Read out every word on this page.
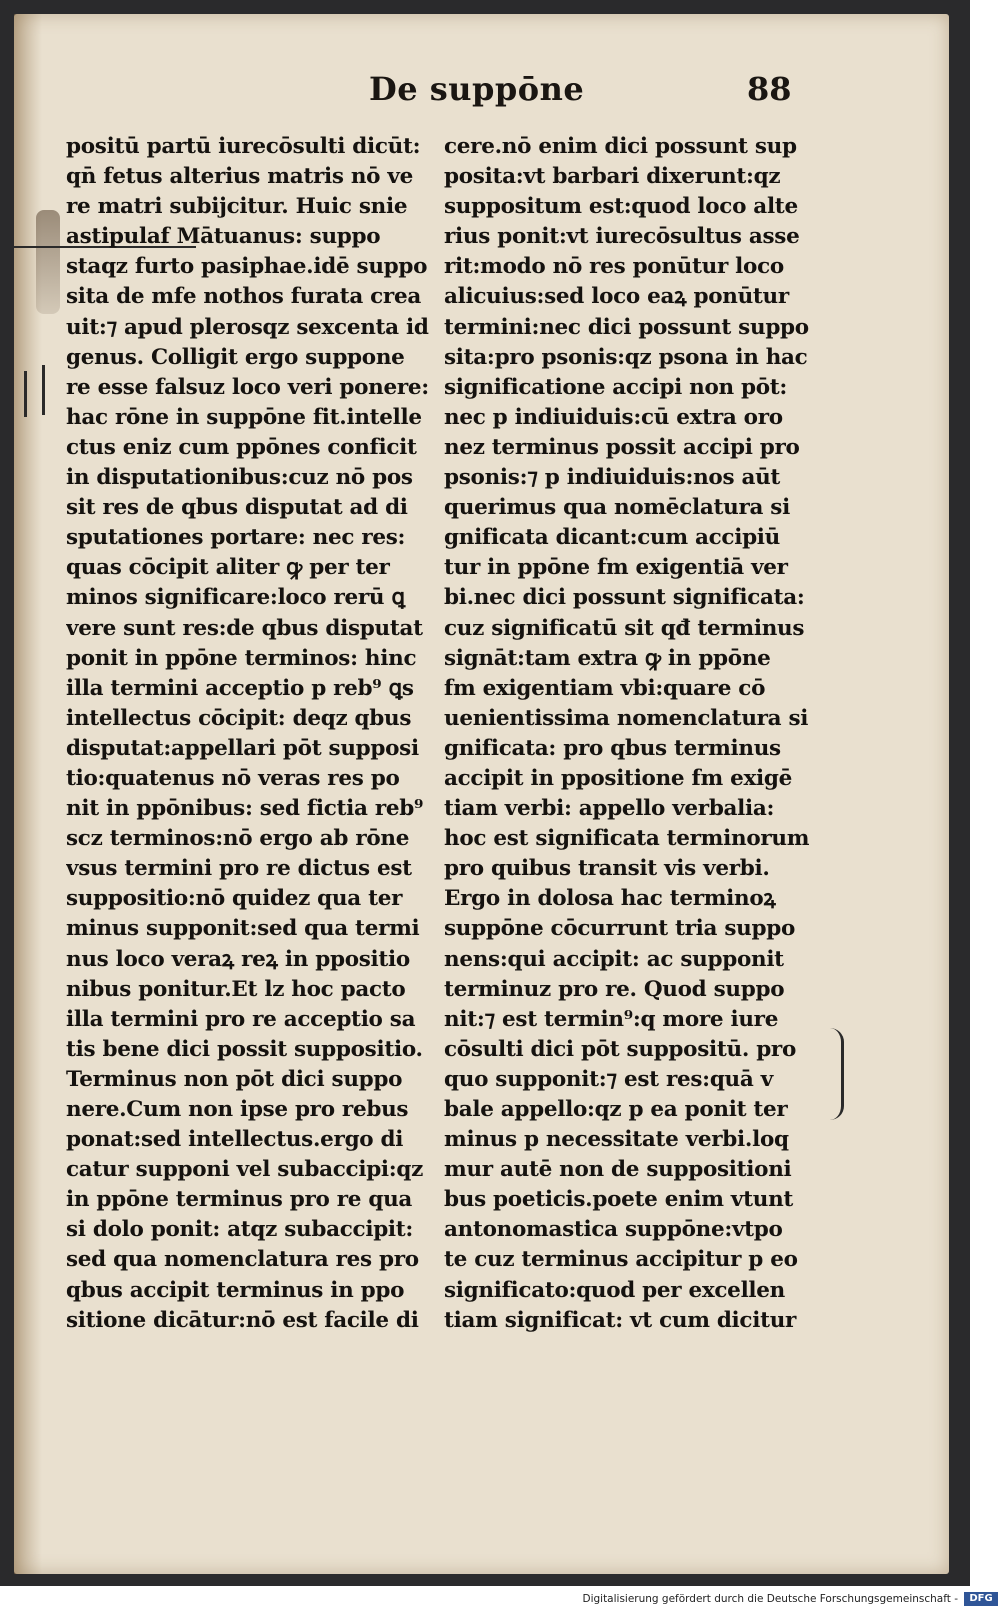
De suppōne	88
positū partū iurecōsulti dicūt:
qn̄ fetus alterius matris nō ve
re matri subijcitur. Huic snie
astipulaf Mātuanus: suppo
staqz furto pasiphae.idē suppo
sita de mfe nothos furata crea
uit:⁊ apud plerosqz sexcenta id
genus. Colligit ergo suppone
re esse falsuz loco veri ponere:
hac rōne in suppōne fit.intelle
ctus eniz cum ppōnes conficit
in disputationibus:cuz nō pos
sit res de qbus disputat ad di
sputationes portare: nec res:
quas cōcipit aliter ꝙ per ter
minos significare:loco rerū ꝗ
vere sunt res:de qbus disputat
ponit in ppōne terminos: hinc
illa termini acceptio p reb⁹ ꝗs
intellectus cōcipit: deqz qbus
disputat:appellari pōt supposi
tio:quatenus nō veras res po
nit in ppōnibus: sed fictia reb⁹
scz terminos:nō ergo ab rōne
vsus termini pro re dictus est
suppositio:nō quidez qua ter
minus supponit:sed qua termi
nus loco veraꝝ reꝝ in ppositio
nibus ponitur.Et lz hoc pacto
illa termini pro re acceptio sa
tis bene dici possit suppositio.
Terminus non pōt dici suppo
nere.Cum non ipse pro rebus
ponat:sed intellectus.ergo di
catur supponi vel subaccipi:qz
in ppōne terminus pro re qua
si dolo ponit: atqz subaccipit:
sed qua nomenclatura res pro
qbus accipit terminus in ppo
sitione dicātur:nō est facile di
cere.nō enim dici possunt sup
posita:vt barbari dixerunt:qz
suppositum est:quod loco alte
rius ponit:vt iurecōsultus asse
rit:modo nō res ponūtur loco
alicuius:sed loco eaꝝ ponūtur
termini:nec dici possunt suppo
sita:pro psonis:qz psona in hac
significatione accipi non pōt:
nec p indiuiduis:cū extra oro
nez terminus possit accipi pro
psonis:⁊ p indiuiduis:nos aūt
querimus qua nomēclatura si
gnificata dicant:cum accipiū
tur in ppōne fm exigentiā ver
bi.nec dici possunt significata:
cuz significatū sit qđ terminus
signāt:tam extra ꝙ in ppōne
fm exigentiam vbi:quare cō
uenientissima nomenclatura si
gnificata: pro qbus terminus
accipit in ppositione fm exigē
tiam verbi: appello verbalia:
hoc est significata terminorum
pro quibus transit vis verbi.
Ergo in dolosa hac terminoꝝ
suppōne cōcurrunt tria suppo
nens:qui accipit: ac supponit
terminuz pro re. Quod suppo
nit:⁊ est termin⁹:q more iure
cōsulti dici pōt suppositū. pro
quo supponit:⁊ est res:quā v
bale appello:qz p ea ponit ter
minus p necessitate verbi.loq
mur autē non de suppositioni
bus poeticis.poete enim vtunt
antonomastica suppōne:vtpo
te cuz terminus accipitur p eo
significato:quod per excellen
tiam significat: vt cum dicitur
Digitalisierung gefördert durch die Deutsche Forschungsgemeinschaft -	DFG
